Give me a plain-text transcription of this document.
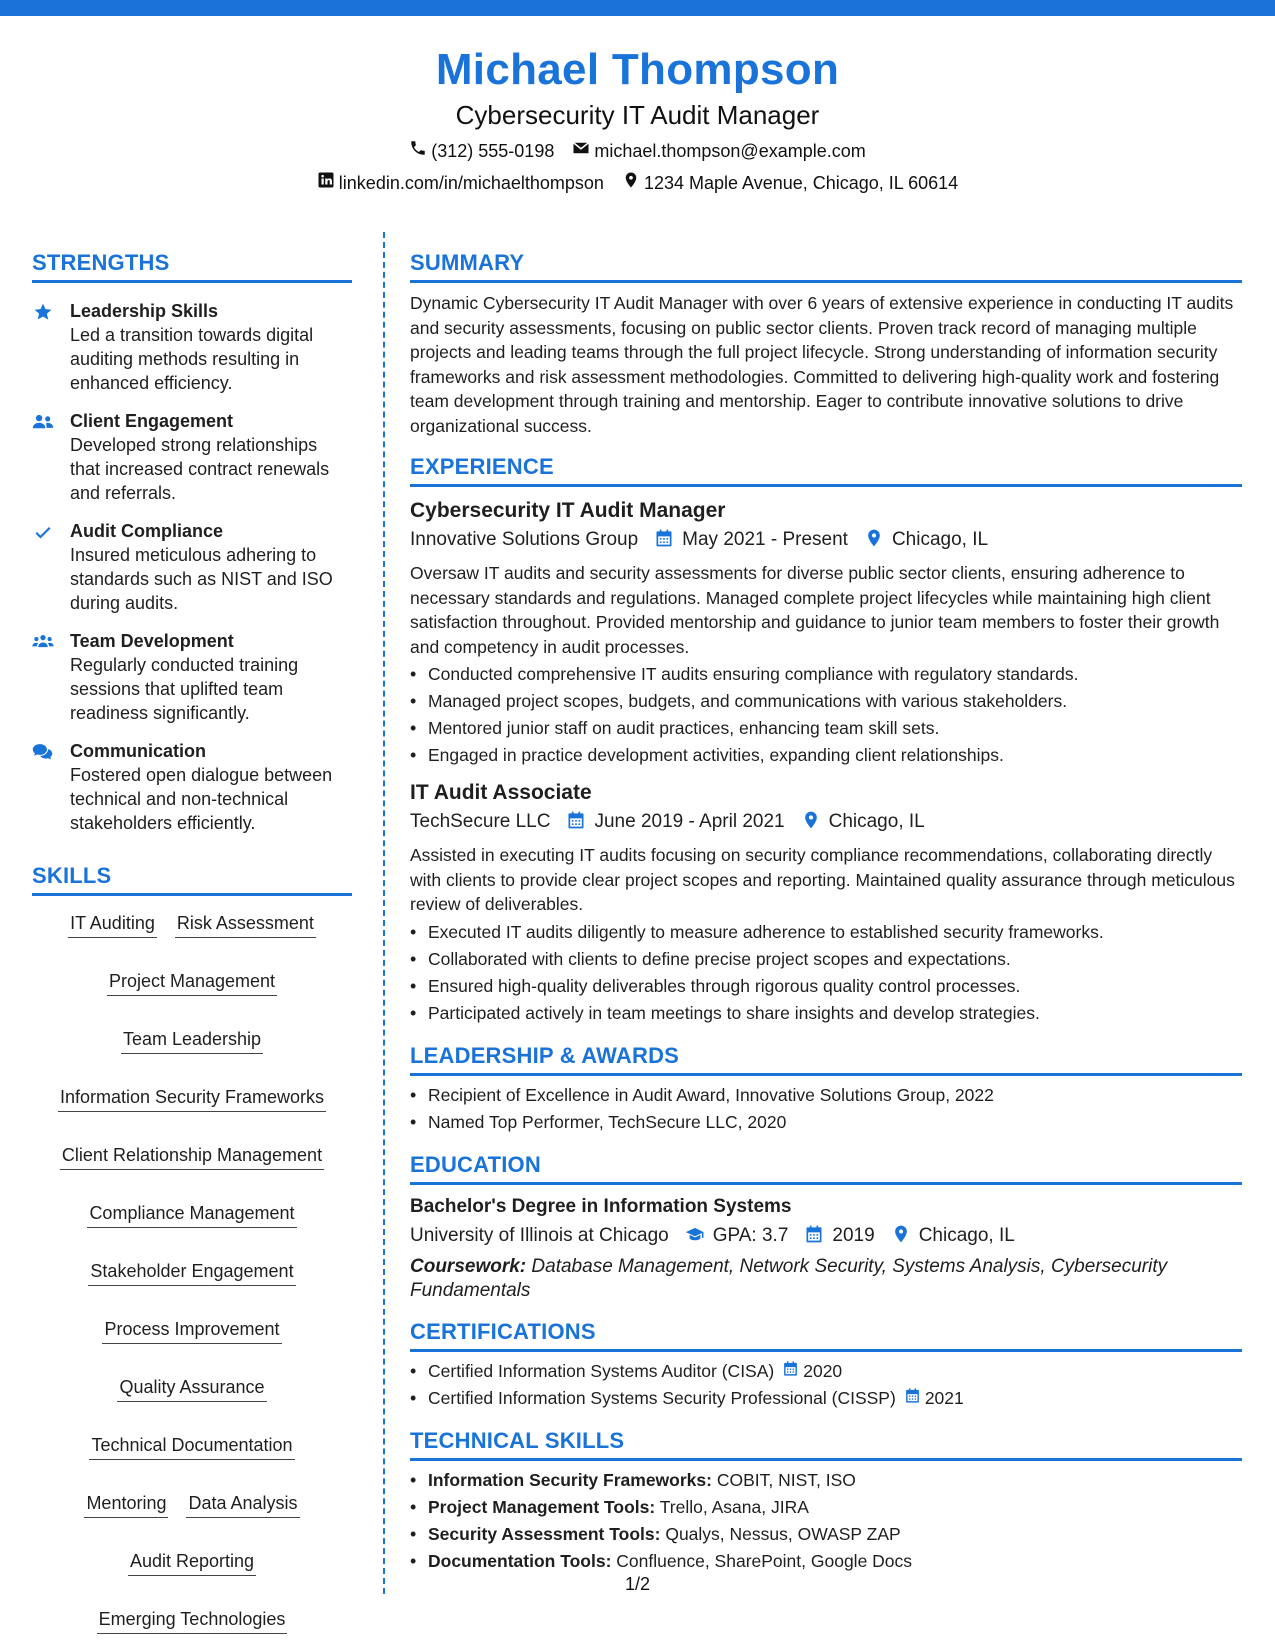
Michael Thompson
Cybersecurity IT Audit Manager
(312) 555-0198 michael.thompson@example.com
linkedin.com/in/michaelthompson 1234 Maple Avenue, Chicago, IL 60614
STRENGTHS
Leadership Skills
Led a transition towards digital auditing methods resulting in enhanced efficiency.
Client Engagement
Developed strong relationships that increased contract renewals and referrals.
Audit Compliance
Insured meticulous adhering to standards such as NIST and ISO during audits.
Team Development
Regularly conducted training sessions that uplifted team readiness significantly.
Communication
Fostered open dialogue between technical and non-technical stakeholders efficiently.
SKILLS
IT Auditing Risk Assessment
Project Management
Team Leadership
Information Security Frameworks
Client Relationship Management
Compliance Management
Stakeholder Engagement
Process Improvement
Quality Assurance
Technical Documentation
Mentoring Data Analysis
Audit Reporting
Emerging Technologies
SUMMARY
Dynamic Cybersecurity IT Audit Manager with over 6 years of extensive experience in conducting IT audits and security assessments, focusing on public sector clients. Proven track record of managing multiple projects and leading teams through the full project lifecycle. Strong understanding of information security frameworks and risk assessment methodologies. Committed to delivering high-quality work and fostering team development through training and mentorship. Eager to contribute innovative solutions to drive organizational success.
EXPERIENCE
Cybersecurity IT Audit Manager
Innovative Solutions Group May 2021 - Present Chicago, IL
Oversaw IT audits and security assessments for diverse public sector clients, ensuring adherence to necessary standards and regulations. Managed complete project lifecycles while maintaining high client satisfaction throughout. Provided mentorship and guidance to junior team members to foster their growth and competency in audit processes.
• Conducted comprehensive IT audits ensuring compliance with regulatory standards.
• Managed project scopes, budgets, and communications with various stakeholders.
• Mentored junior staff on audit practices, enhancing team skill sets.
• Engaged in practice development activities, expanding client relationships.
IT Audit Associate
TechSecure LLC June 2019 - April 2021 Chicago, IL
Assisted in executing IT audits focusing on security compliance recommendations, collaborating directly with clients to provide clear project scopes and reporting. Maintained quality assurance through meticulous review of deliverables.
• Executed IT audits diligently to measure adherence to established security frameworks.
• Collaborated with clients to define precise project scopes and expectations.
• Ensured high-quality deliverables through rigorous quality control processes.
• Participated actively in team meetings to share insights and develop strategies.
LEADERSHIP & AWARDS
• Recipient of Excellence in Audit Award, Innovative Solutions Group, 2022
• Named Top Performer, TechSecure LLC, 2020
EDUCATION
Bachelor's Degree in Information Systems
University of Illinois at Chicago GPA: 3.7 2019 Chicago, IL
Coursework: Database Management, Network Security, Systems Analysis, Cybersecurity Fundamentals
CERTIFICATIONS
• Certified Information Systems Auditor (CISA) 2020
• Certified Information Systems Security Professional (CISSP) 2021
TECHNICAL SKILLS
• Information Security Frameworks: COBIT, NIST, ISO
• Project Management Tools: Trello, Asana, JIRA
• Security Assessment Tools: Qualys, Nessus, OWASP ZAP
• Documentation Tools: Confluence, SharePoint, Google Docs
1/2
